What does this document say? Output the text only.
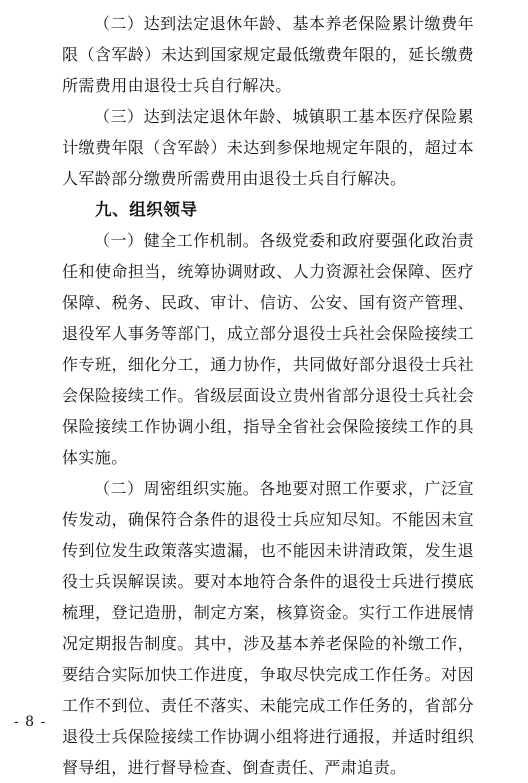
（二）达到法定退休年龄、基本养老保险累计缴费年限（含军龄）未达到国家规定最低缴费年限的，延长缴费所需费用由退役士兵自行解决。

（三）达到法定退休年龄、城镇职工基本医疗保险累计缴费年限（含军龄）未达到参保地规定年限的，超过本人军龄部分缴费所需费用由退役士兵自行解决。

九、组织领导

（一）健全工作机制。各级党委和政府要强化政治责任和使命担当，统筹协调财政、人力资源社会保障、医疗保障、税务、民政、审计、信访、公安、国有资产管理、退役军人事务等部门，成立部分退役士兵社会保险接续工作专班，细化分工，通力协作，共同做好部分退役士兵社会保险接续工作。省级层面设立贵州省部分退役士兵社会保险接续工作协调小组，指导全省社会保险接续工作的具体实施。

（二）周密组织实施。各地要对照工作要求，广泛宣传发动，确保符合条件的退役士兵应知尽知。不能因未宣传到位发生政策落实遗漏，也不能因未讲清政策，发生退役士兵误解误读。要对本地符合条件的退役士兵进行摸底梳理，登记造册，制定方案，核算资金。实行工作进展情况定期报告制度。其中，涉及基本养老保险的补缴工作，要结合实际加快工作进度，争取尽快完成工作任务。对因工作不到位、责任不落实、未能完成工作任务的，省部分退役士兵保险接续工作协调小组将进行通报，并适时组织督导组，进行督导检查、倒查责任、严肃追责。

- 8 -
